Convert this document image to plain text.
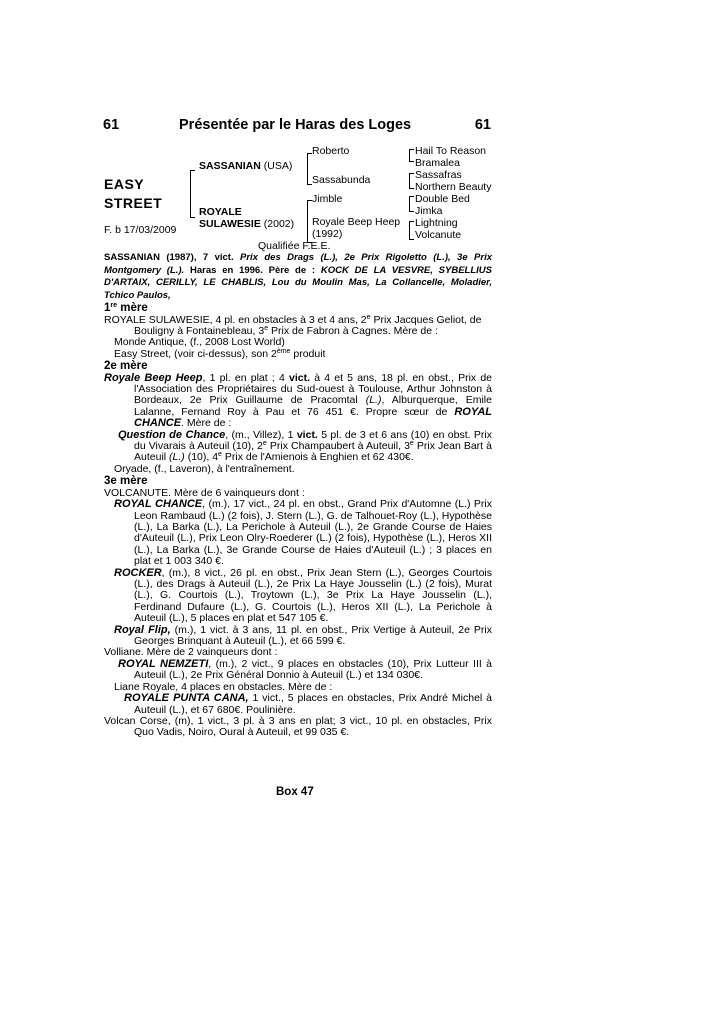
61	Présentée par le Haras des Loges	61
EASY
STREET
F. b 17/03/2009
SASSANIAN (USA)
ROYALE
SULAWESIE (2002)
Roberto
Sassabunda
Jimble
Royale Beep Heep
(1992)
Hail To Reason
Bramalea
Sassafras
Northern Beauty
Double Bed
Jimka
Lightning
Volcanute
Qualifiée F.E.E.

SASSANIAN (1987), 7 vict. Prix des Drags (L.), 2e Prix Rigoletto (L.), 3e Prix Montgomery (L.). Haras en 1996. Père de : KOCK DE LA VESVRE, SYBELLIUS D'ARTAIX, CERILLY, LE CHABLIS, Lou du Moulin Mas, La Collancelle, Moladier, Tchico Paulos,

1re mère

ROYALE SULAWESIE, 4 pl. en obstacles à 3 et 4 ans, 2e Prix Jacques Geliot, de Bouligny à Fontainebleau, 3e Prix de Fabron à Cagnes. Mère de :

Monde Antique, (f., 2008 Lost World)

Easy Street, (voir ci-dessus), son 2ème produit

2e mère

Royale Beep Heep, 1 pl. en plat ; 4 vict. à 4 et 5 ans, 18 pl. en obst., Prix de l'Association des Propriétaires du Sud-ouest à Toulouse, Arthur Johnston à Bordeaux, 2e Prix Guillaume de Pracomtal (L.), Alburquerque, Emile Lalanne, Fernand Roy à Pau et 76 451 €. Propre sœur de ROYAL CHANCE. Mère de :

Question de Chance, (m., Villez), 1 vict. 5 pl. de 3 et 6 ans (10) en obst. Prix du Vivarais à Auteuil (10), 2e Prix Champaubert à Auteuil, 3e Prix Jean Bart à Auteuil (L.) (10), 4e Prix de l'Amienois à Enghien et 62 430€.

Oryade, (f., Laveron), à l'entraînement.

3e mère

VOLCANUTE. Mère de 6 vainqueurs dont :

ROYAL CHANCE, (m.), 17 vict., 24 pl. en obst., Grand Prix d'Automne (L.) Prix Leon Rambaud (L.) (2 fois), J. Stern (L.), G. de Talhouet-Roy (L.), Hypothèse (L.), La Barka (L.), La Perichole à Auteuil (L.), 2e Grande Course de Haies d'Auteuil (L.), Prix Leon Olry-Roederer (L.) (2 fois), Hypothèse (L.), Heros XII (L.), La Barka (L.), 3e Grande Course de Haies d'Auteuil (L.) ; 3 places en plat et 1 003 340 €.

ROCKER, (m.), 8 vict., 26 pl. en obst., Prix Jean Stern (L.), Georges Courtois (L.), des Drags à Auteuil (L.), 2e Prix La Haye Jousselin (L.) (2 fois), Murat (L.), G. Courtois (L.), Troytown (L.), 3e Prix La Haye Jousselin (L.), Ferdinand Dufaure (L.), G. Courtois (L.), Heros XII (L.), La Perichole à Auteuil (L.), 5 places en plat et 547 105 €.

Royal Flip, (m.), 1 vict. à 3 ans, 11 pl. en obst., Prix Vertige à Auteuil, 2e Prix Georges Brinquant à Auteuil (L.), et 66 599 €.

Volliane. Mère de 2 vainqueurs dont :

ROYAL NEMZETI, (m.), 2 vict., 9 places en obstacles (10), Prix Lutteur III à Auteuil (L.), 2e Prix Général Donnio à Auteuil (L.) et 134 030€.

Liane Royale, 4 places en obstacles. Mère de :

ROYALE PUNTA CANA, 1 vict., 5 places en obstacles, Prix André Michel à Auteuil (L.), et 67 680€. Poulinière.

Volcan Corse, (m), 1 vict., 3 pl. à 3 ans en plat; 3 vict., 10 pl. en obstacles, Prix Quo Vadis, Noiro, Oural à Auteuil, et 99 035 €.

Box 47
